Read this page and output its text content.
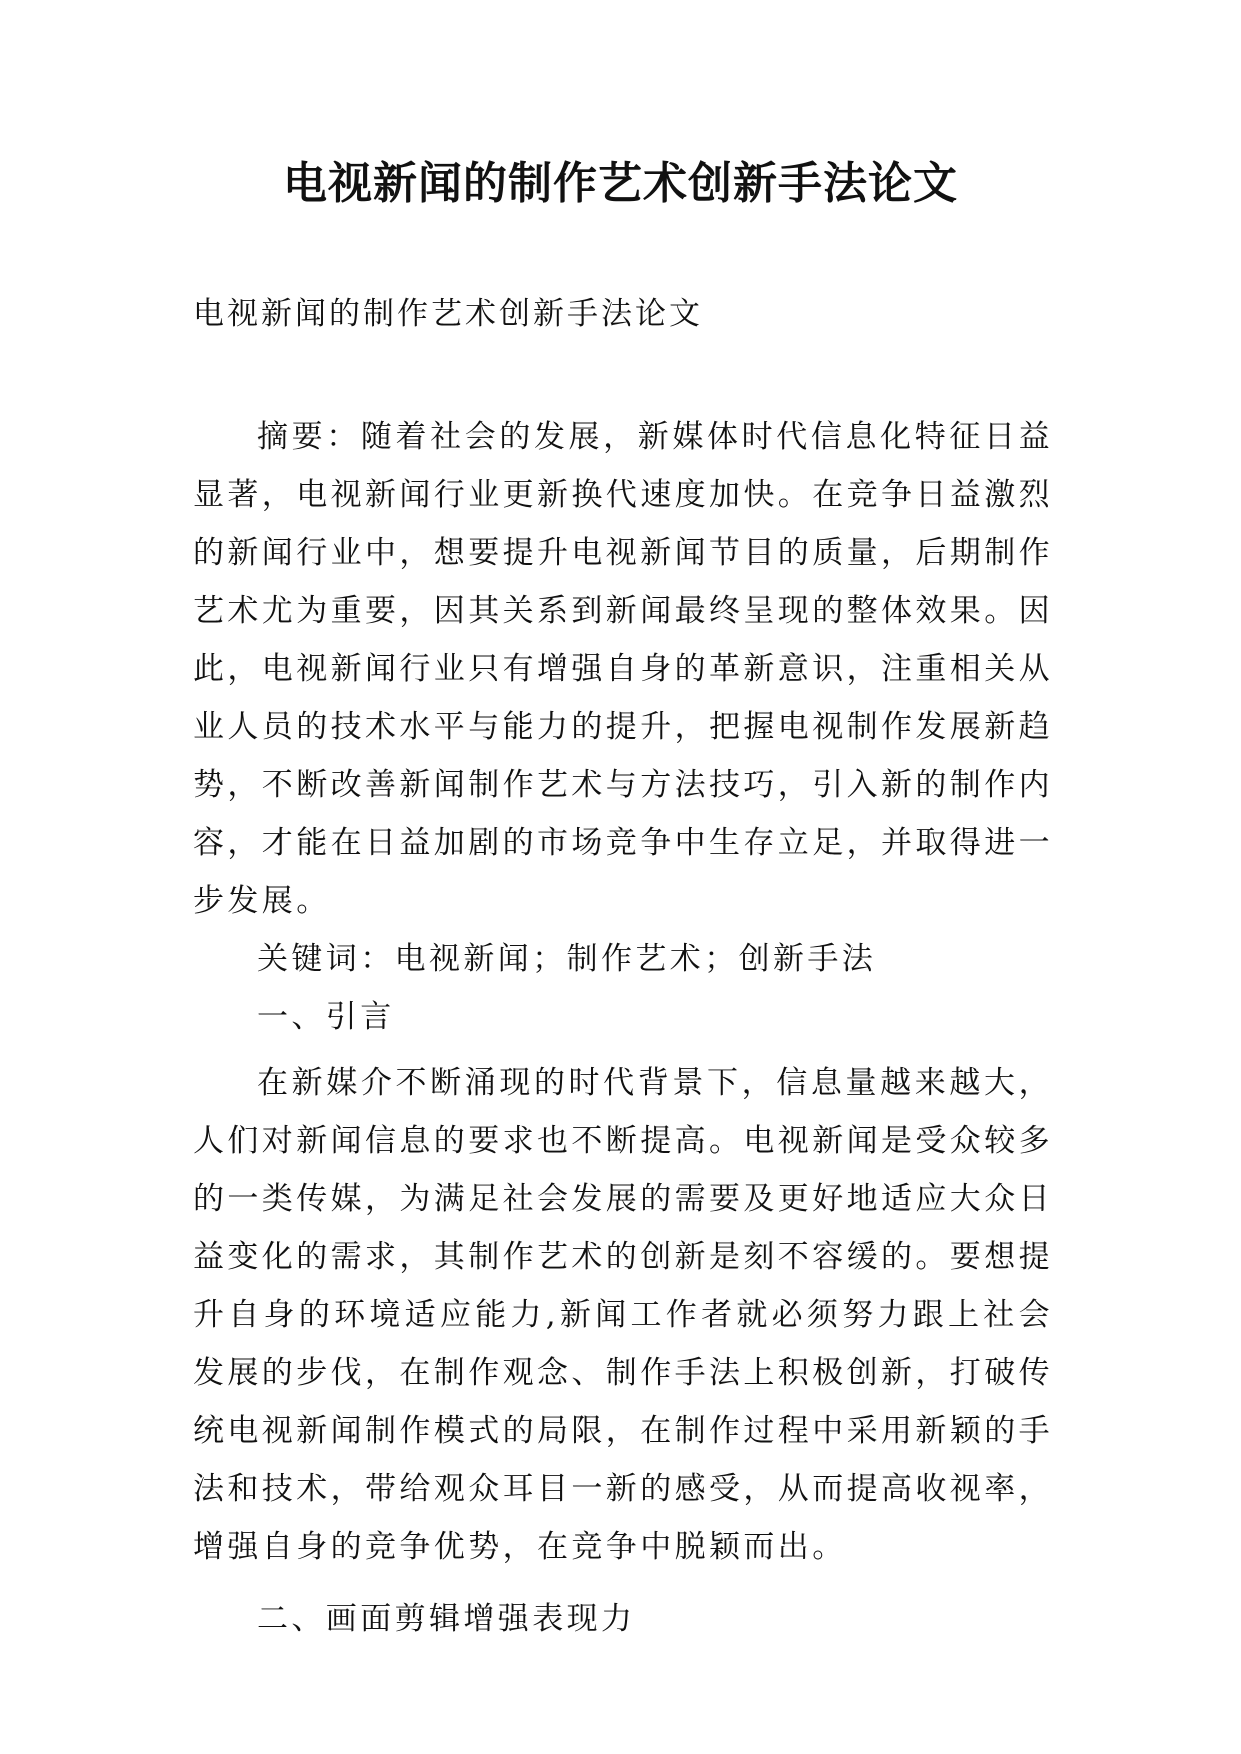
电视新闻的制作艺术创新手法论文

电视新闻的制作艺术创新手法论文

摘要：随着社会的发展，新媒体时代信息化特征日益显著，电视新闻行业更新换代速度加快。在竞争日益激烈的新闻行业中，想要提升电视新闻节目的质量，后期制作艺术尤为重要，因其关系到新闻最终呈现的整体效果。因此，电视新闻行业只有增强自身的革新意识，注重相关从业人员的技术水平与能力的提升，把握电视制作发展新趋势，不断改善新闻制作艺术与方法技巧，引入新的制作内容，才能在日益加剧的市场竞争中生存立足，并取得进一步发展。

关键词：电视新闻；制作艺术；创新手法

一、引言

在新媒介不断涌现的时代背景下，信息量越来越大，人们对新闻信息的要求也不断提高。电视新闻是受众较多的一类传媒，为满足社会发展的需要及更好地适应大众日益变化的需求，其制作艺术的创新是刻不容缓的。要想提升自身的环境适应能力,新闻工作者就必须努力跟上社会发展的步伐，在制作观念、制作手法上积极创新，打破传统电视新闻制作模式的局限，在制作过程中采用新颖的手法和技术，带给观众耳目一新的感受，从而提高收视率，增强自身的竞争优势，在竞争中脱颖而出。

二、画面剪辑增强表现力
